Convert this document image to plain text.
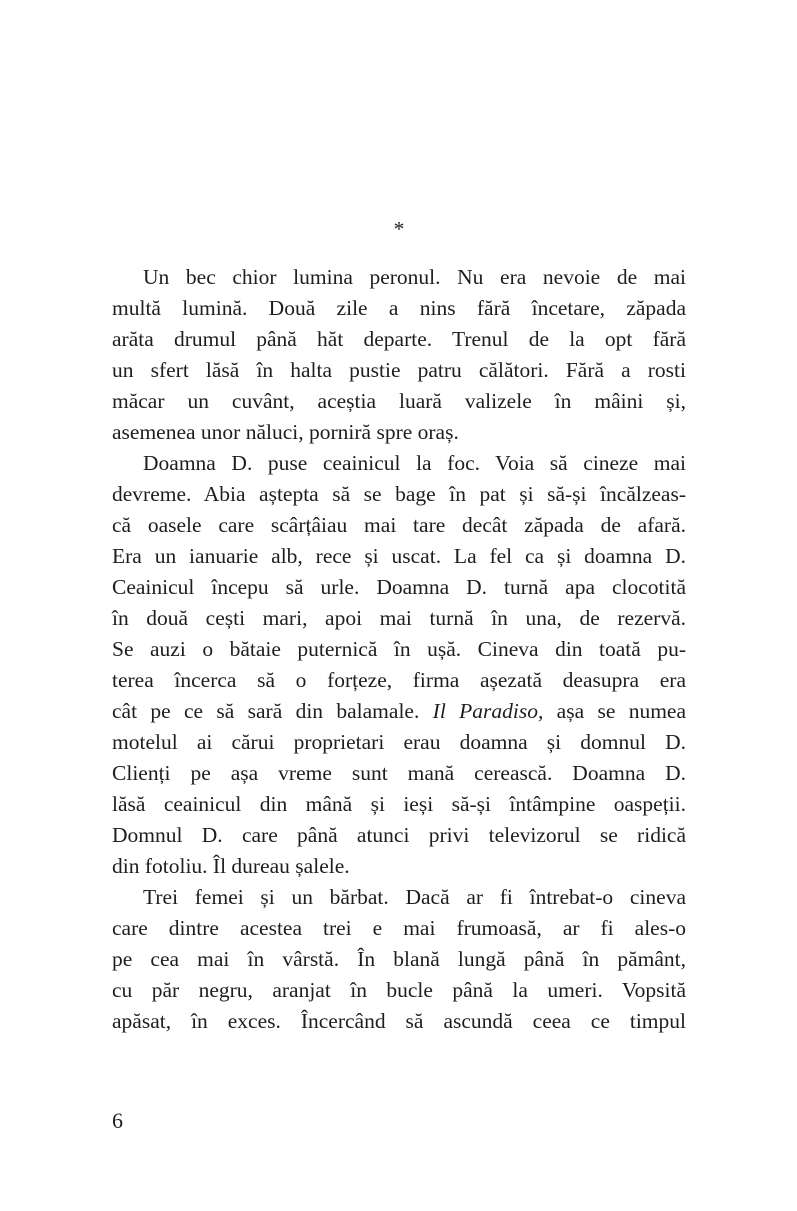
*

Un bec chior lumina peronul. Nu era nevoie de mai
multă lumină. Două zile a nins fără încetare, zăpada
arăta drumul până hăt departe. Trenul de la opt fără
un sfert lăsă în halta pustie patru călători. Fără a rosti
măcar un cuvânt, aceștia luară valizele în mâini și,
asemenea unor năluci, porniră spre oraș.

Doamna D. puse ceainicul la foc. Voia să cineze mai
devreme. Abia aștepta să se bage în pat și să-și încălzeas-
că oasele care scârțâiau mai tare decât zăpada de afară.
Era un ianuarie alb, rece și uscat. La fel ca și doamna D.
Ceainicul începu să urle. Doamna D. turnă apa clocotită
în două cești mari, apoi mai turnă în una, de rezervă.
Se auzi o bătaie puternică în ușă. Cineva din toată pu-
terea încerca să o forțeze, firma așezată deasupra era
cât pe ce să sară din balamale. Il Paradiso, așa se numea
motelul ai cărui proprietari erau doamna și domnul D.
Clienți pe așa vreme sunt mană cerească. Doamna D.
lăsă ceainicul din mână și ieși să-și întâmpine oaspeții.
Domnul D. care până atunci privi televizorul se ridică
din fotoliu. Îl dureau șalele.

Trei femei și un bărbat. Dacă ar fi întrebat-o cineva
care dintre acestea trei e mai frumoasă, ar fi ales-o
pe cea mai în vârstă. În blană lungă până în pământ,
cu păr negru, aranjat în bucle până la umeri. Vopsită
apăsat, în exces. Încercând să ascundă ceea ce timpul

6
